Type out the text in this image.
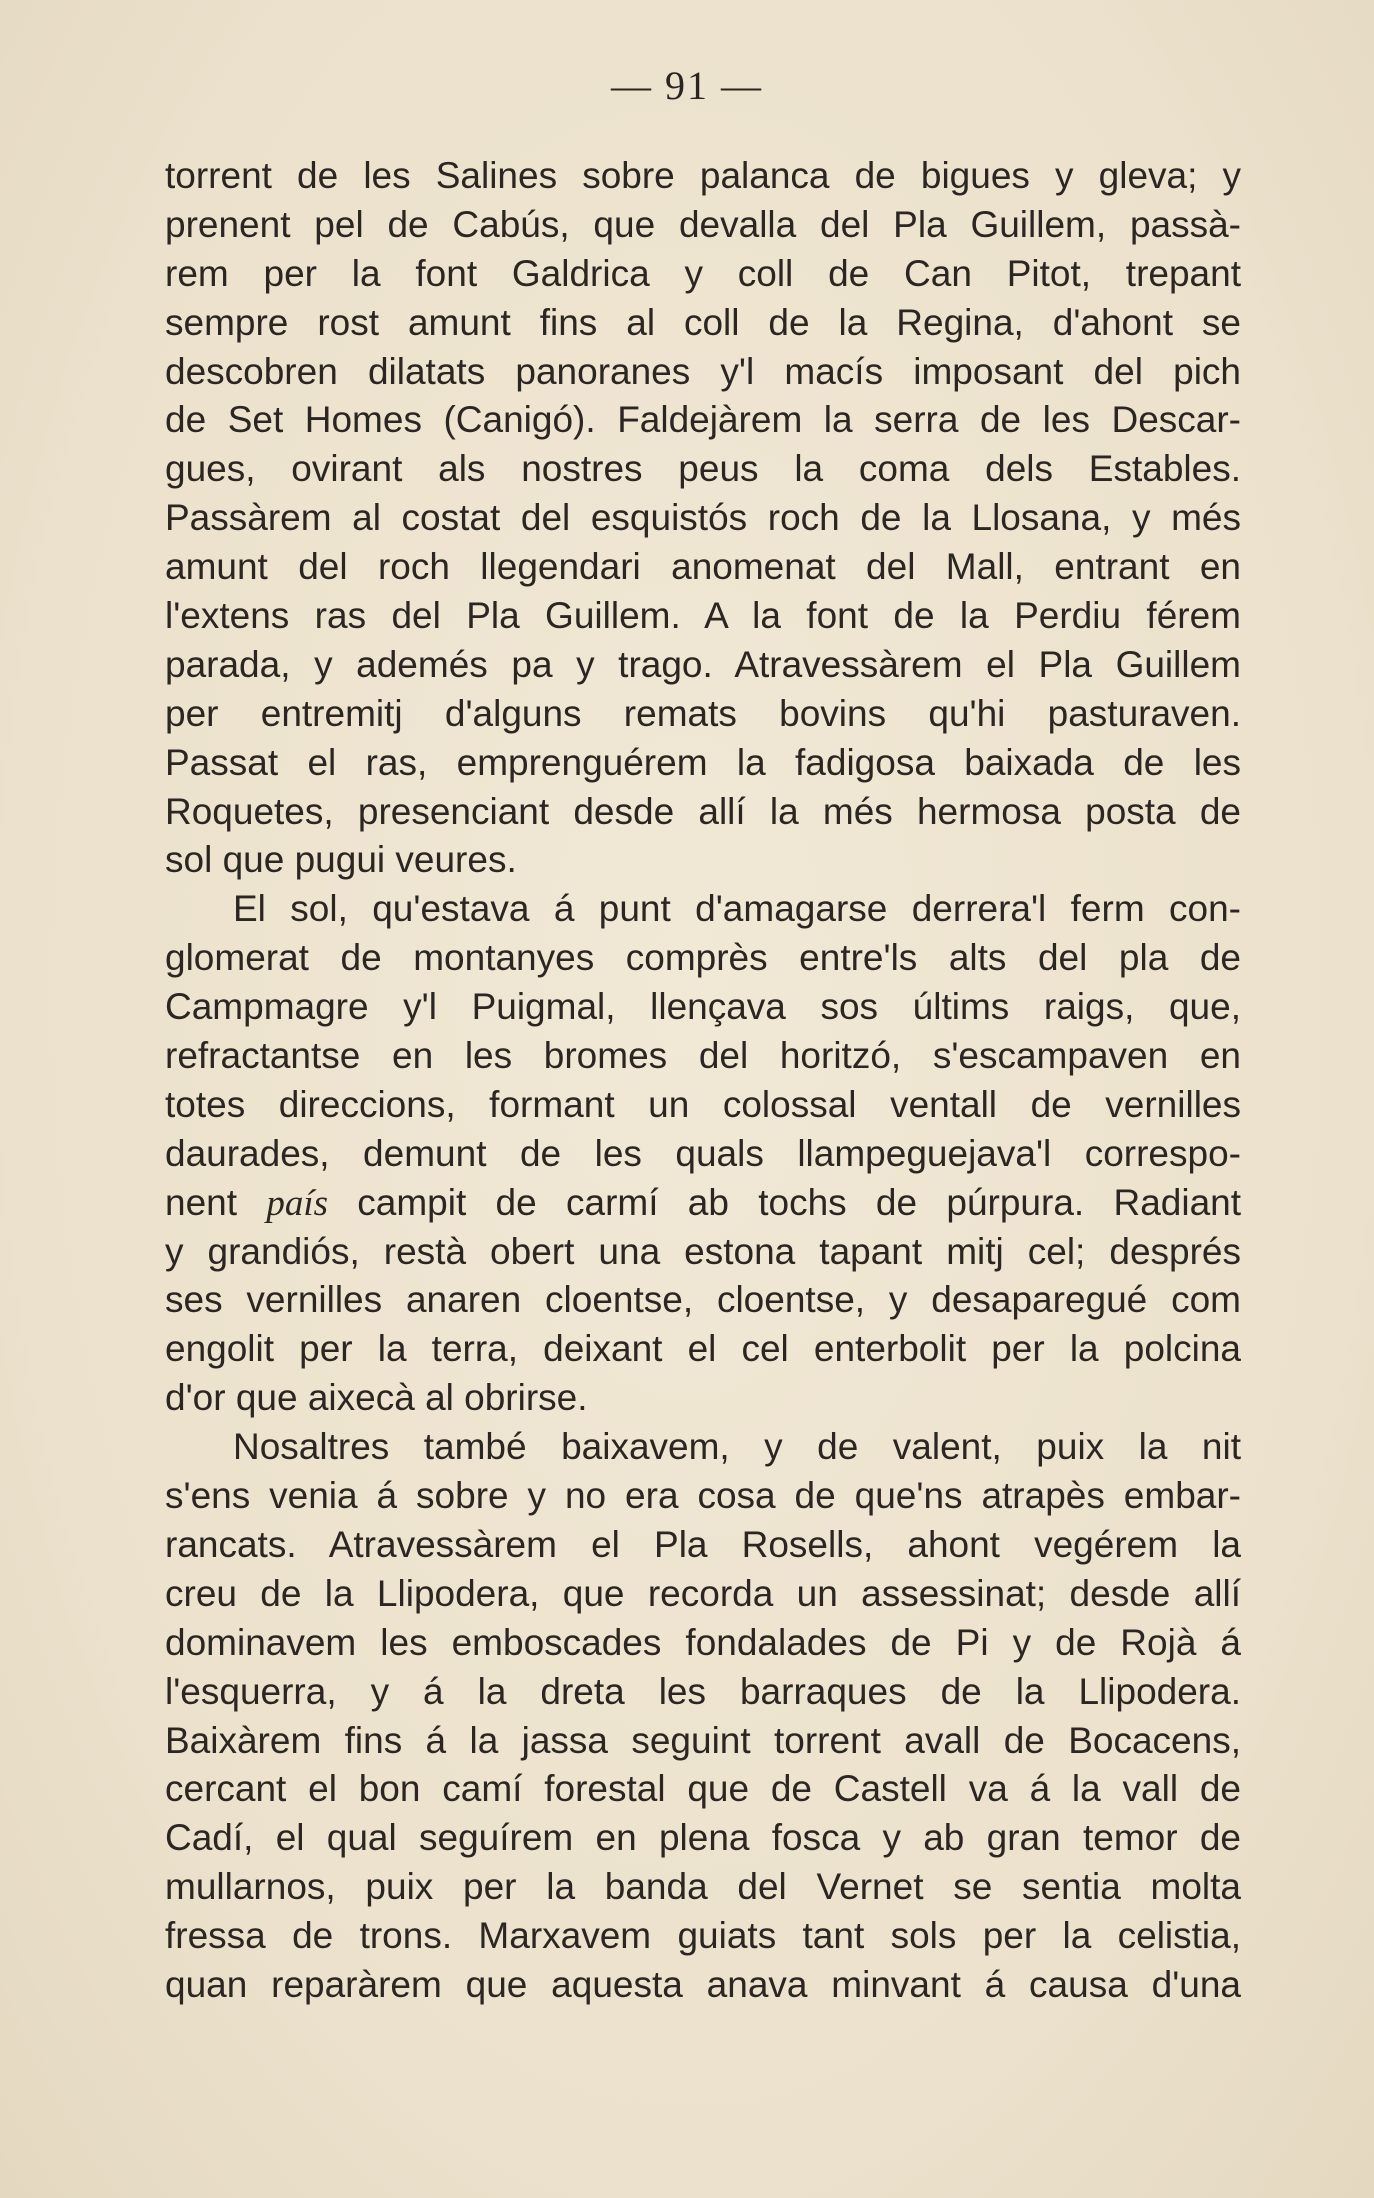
— 91 —
torrent de les Salines sobre palanca de bigues y gleva; y
prenent pel de Cabús, que devalla del Pla Guillem, passà-
rem per la font Galdrica y coll de Can Pitot, trepant
sempre rost amunt fins al coll de la Regina, d'ahont se
descobren dilatats panoranes y'l macís imposant del pich
de Set Homes (Canigó). Faldejàrem la serra de les Descar-
gues, ovirant als nostres peus la coma dels Estables.
Passàrem al costat del esquistós roch de la Llosana, y més
amunt del roch llegendari anomenat del Mall, entrant en
l'extens ras del Pla Guillem. A la font de la Perdiu férem
parada, y ademés pa y trago. Atravessàrem el Pla Guillem
per entremitj d'alguns remats bovins qu'hi pasturaven.
Passat el ras, emprenguérem la fadigosa baixada de les
Roquetes, presenciant desde allí la més hermosa posta de
sol que pugui veures.
El sol, qu'estava á punt d'amagarse derrera'l ferm con-
glomerat de montanyes comprès entre'ls alts del pla de
Campmagre y'l Puigmal, llençava sos últims raigs, que,
refractantse en les bromes del horitzó, s'escampaven en
totes direccions, formant un colossal ventall de vernilles
daurades, demunt de les quals llampeguejava'l correspo-
nent país campit de carmí ab tochs de púrpura. Radiant
y grandiós, restà obert una estona tapant mitj cel; després
ses vernilles anaren cloentse, cloentse, y desaparegué com
engolit per la terra, deixant el cel enterbolit per la polcina
d'or que aixecà al obrirse.
Nosaltres també baixavem, y de valent, puix la nit
s'ens venia á sobre y no era cosa de que'ns atrapès embar-
rancats. Atravessàrem el Pla Rosells, ahont vegérem la
creu de la Llipodera, que recorda un assessinat; desde allí
dominavem les emboscades fondalades de Pi y de Rojà á
l'esquerra, y á la dreta les barraques de la Llipodera.
Baixàrem fins á la jassa seguint torrent avall de Bocacens,
cercant el bon camí forestal que de Castell va á la vall de
Cadí, el qual seguírem en plena fosca y ab gran temor de
mullarnos, puix per la banda del Vernet se sentia molta
fressa de trons. Marxavem guiats tant sols per la celistia,
quan reparàrem que aquesta anava minvant á causa d'una
